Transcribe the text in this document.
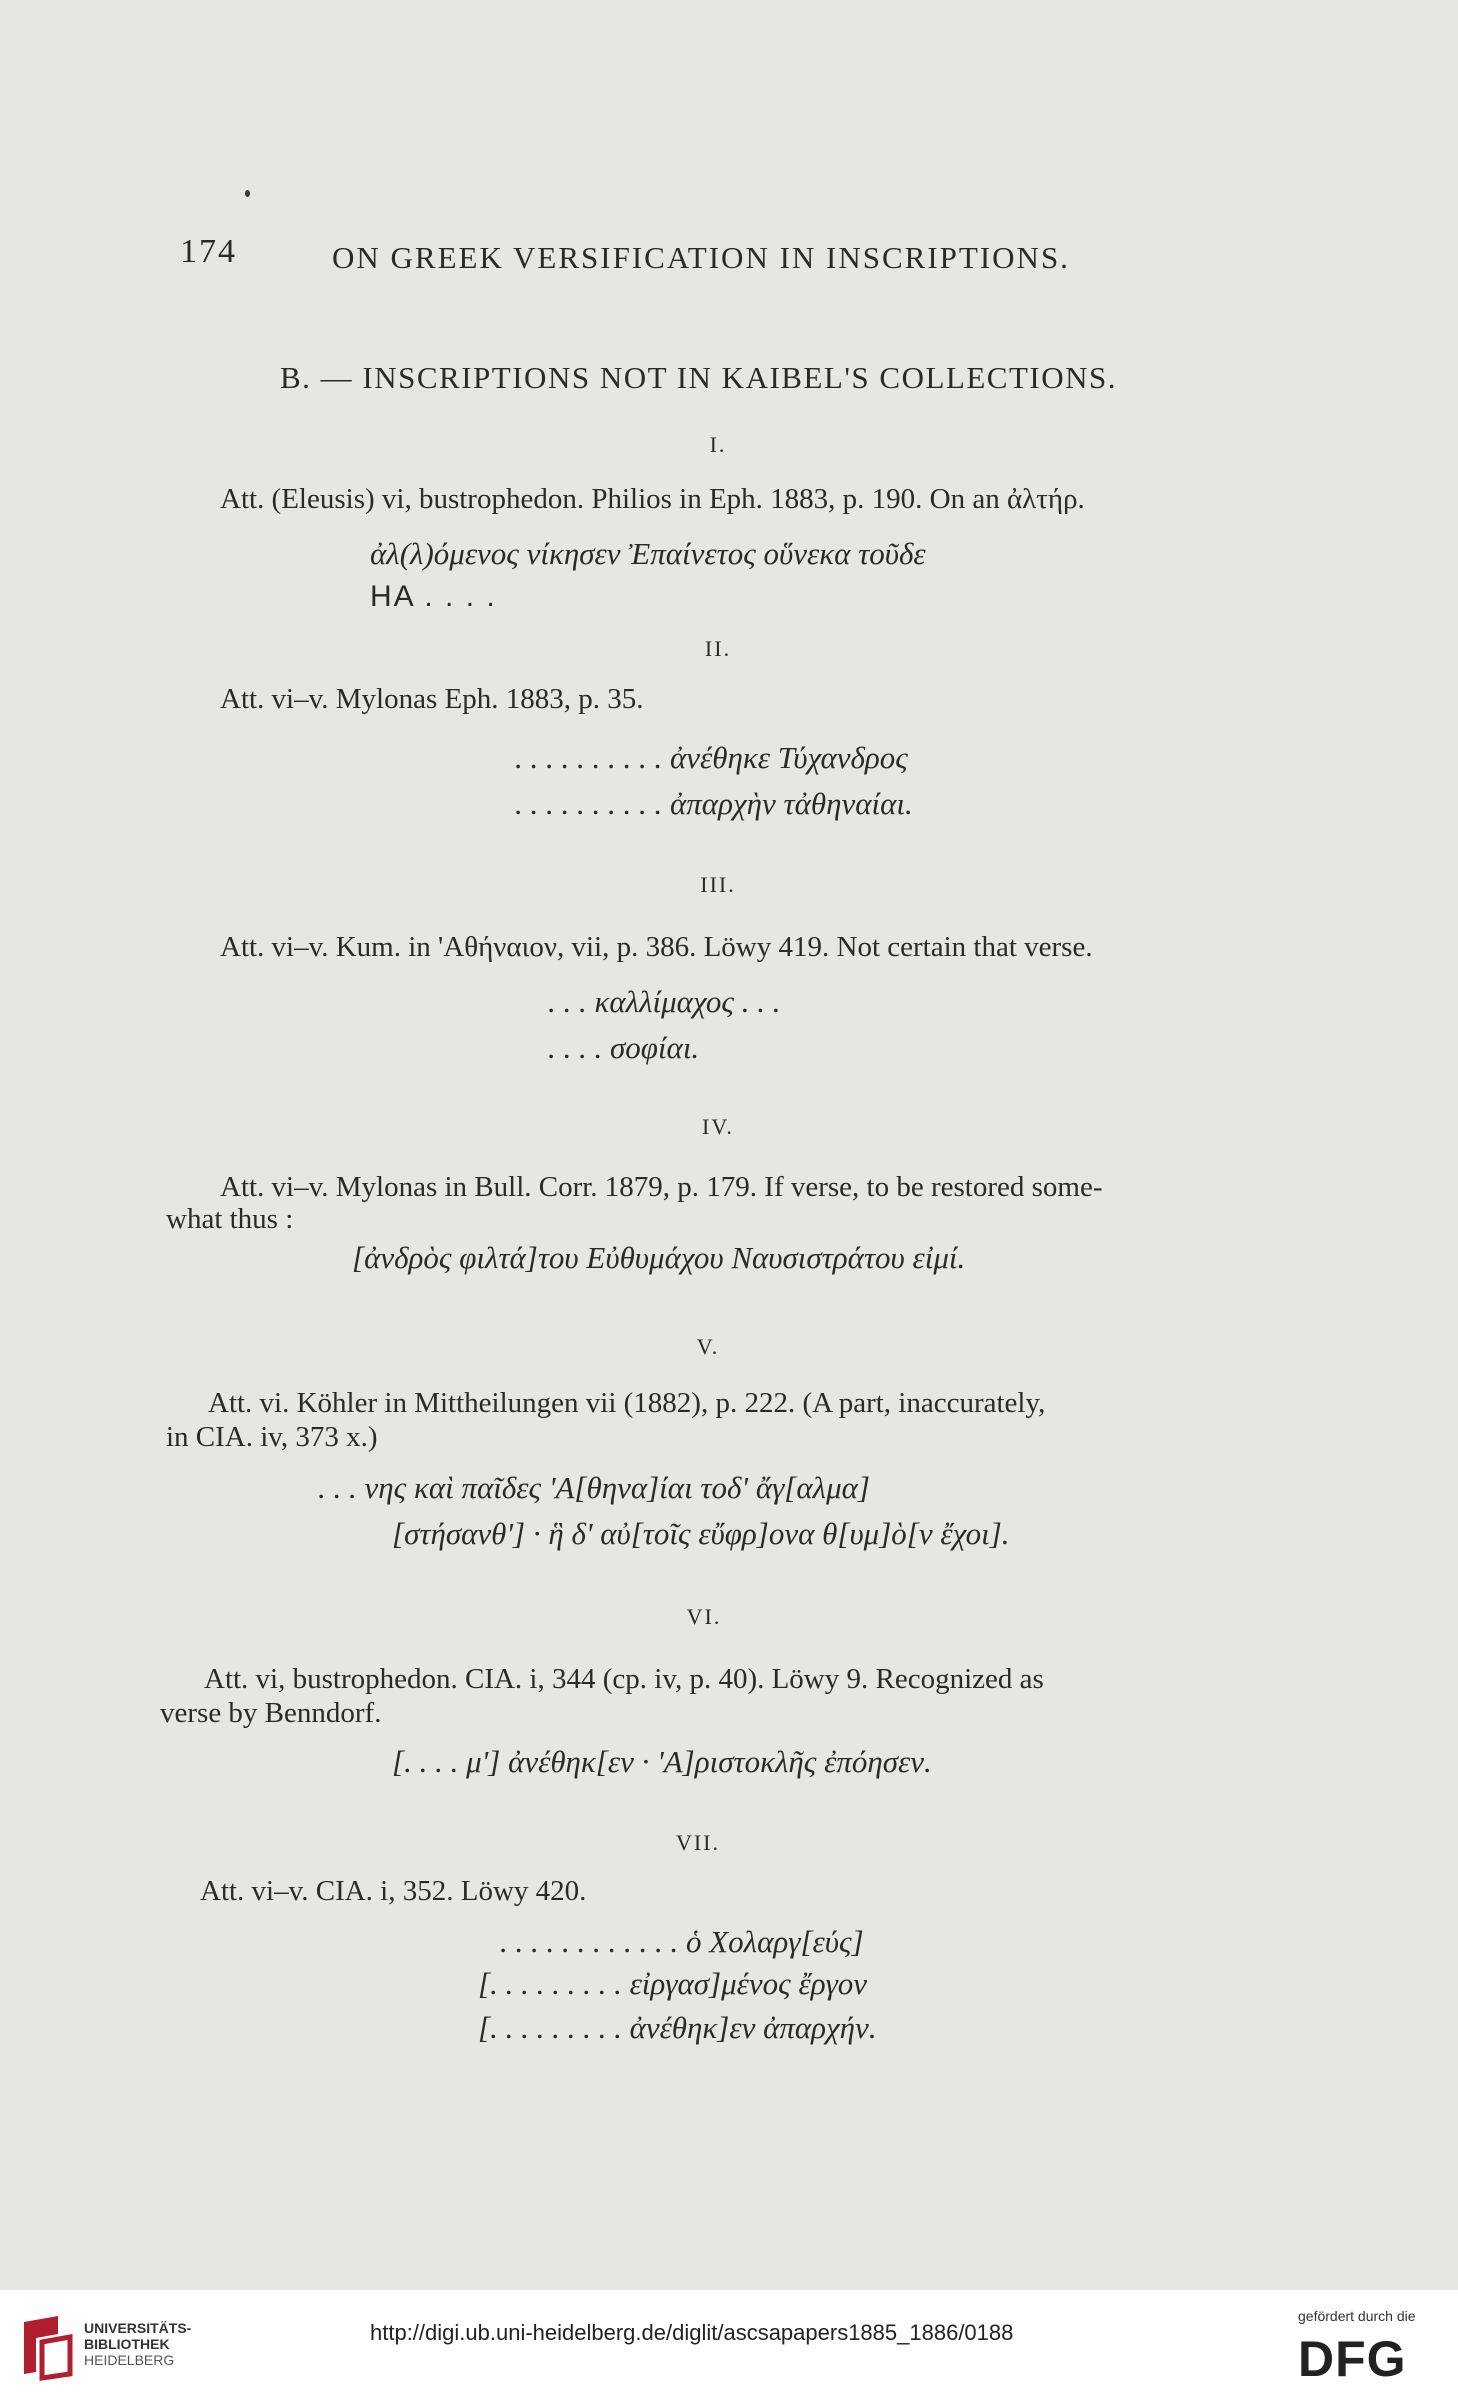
174	ON GREEK VERSIFICATION IN INSCRIPTIONS.
B. — INSCRIPTIONS NOT IN KAIBEL'S COLLECTIONS.
I.
Att. (Eleusis) vi, bustrophedon. Philios in Eph. 1883, p. 190. On an ἀλτήρ.
ἀλ(λ)όμενος νίκησεν Ἐπαίνετος οὕνεκα τοῦδε
HA . . . .
II.
Att. vi–v. Mylonas Eph. 1883, p. 35.
. . . . . . . . . . ἀνέθηκε Τύχανδρος
. . . . . . . . . . ἀπαρχὴν τἀθηναίαι.
III.
Att. vi–v. Kum. in 'Αθήναιον, vii, p. 386. Löwy 419. Not certain that verse.
. . . καλλίμαχος . . .
. . . . σοφίαι.
IV.
Att. vi–v. Mylonas in Bull. Corr. 1879, p. 179. If verse, to be restored some-
what thus :
[ἀνδρὸς φιλτά]του Εὐθυμάχου Ναυσιστράτου εἰμί.
V.
Att. vi. Köhler in Mittheilungen vii (1882), p. 222. (A part, inaccurately,
in CIA. iv, 373 x.)
. . . νης καὶ παῖδες 'Α[θηνα]ίαι τοδ' ἄγ[αλμα]
[στήσανθ'] · ἣ δ' αὐ[τοῖς εὔφρ]ονα θ[υμ]ὸ[ν ἔχοι].
VI.
Att. vi, bustrophedon. CIA. i, 344 (cp. iv, p. 40). Löwy 9. Recognized as
verse by Benndorf.
[. . . . μ'] ἀνέθηκ[εν · 'Α]ριστοκλῆς ἐπόησεν.
VII.
Att. vi–v. CIA. i, 352. Löwy 420.
. . . . . . . . . . . . ὁ Χολαργ[εύς]
[. . . . . . . . . εἰργασ]μένος ἔργον
[. . . . . . . . . ἀνέθηκ]εν ἀπαρχήν.
UNIVERSITÄTS-
BIBLIOTHEK
HEIDELBERG
http://digi.ub.uni-heidelberg.de/diglit/ascsapapers1885_1886/0188
gefördert durch die
DFG
